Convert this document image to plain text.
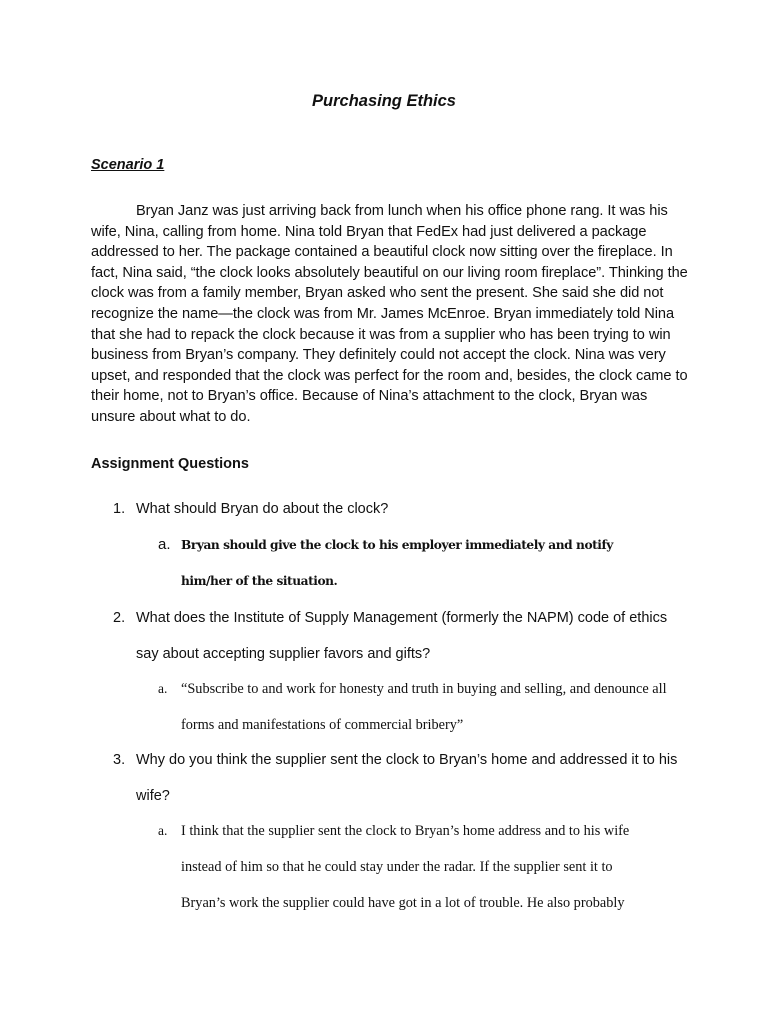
Purchasing Ethics
Scenario 1

Bryan Janz was just arriving back from lunch when his office phone rang. It was his wife, Nina, calling from home. Nina told Bryan that FedEx had just delivered a package addressed to her. The package contained a beautiful clock now sitting over the fireplace. In fact, Nina said, “the clock looks absolutely beautiful on our living room fireplace”. Thinking the clock was from a family member, Bryan asked who sent the present. She said she did not recognize the name—the clock was from Mr. James McEnroe. Bryan immediately told Nina that she had to repack the clock because it was from a supplier who has been trying to win business from Bryan’s company. They definitely could not accept the clock. Nina was very upset, and responded that the clock was perfect for the room and, besides, the clock came to their home, not to Bryan’s office. Because of Nina’s attachment to the clock, Bryan was unsure about what to do.

Assignment Questions
1. What should Bryan do about the clock?
a. Bryan should give the clock to his employer immediately and notify him/her of the situation.
2. What does the Institute of Supply Management (formerly the NAPM) code of ethics say about accepting supplier favors and gifts?
a. “Subscribe to and work for honesty and truth in buying and selling, and denounce all forms and manifestations of commercial bribery”
3. Why do you think the supplier sent the clock to Bryan’s home and addressed it to his wife?
a. I think that the supplier sent the clock to Bryan’s home address and to his wife instead of him so that he could stay under the radar. If the supplier sent it to Bryan’s work the supplier could have got in a lot of trouble. He also probably
